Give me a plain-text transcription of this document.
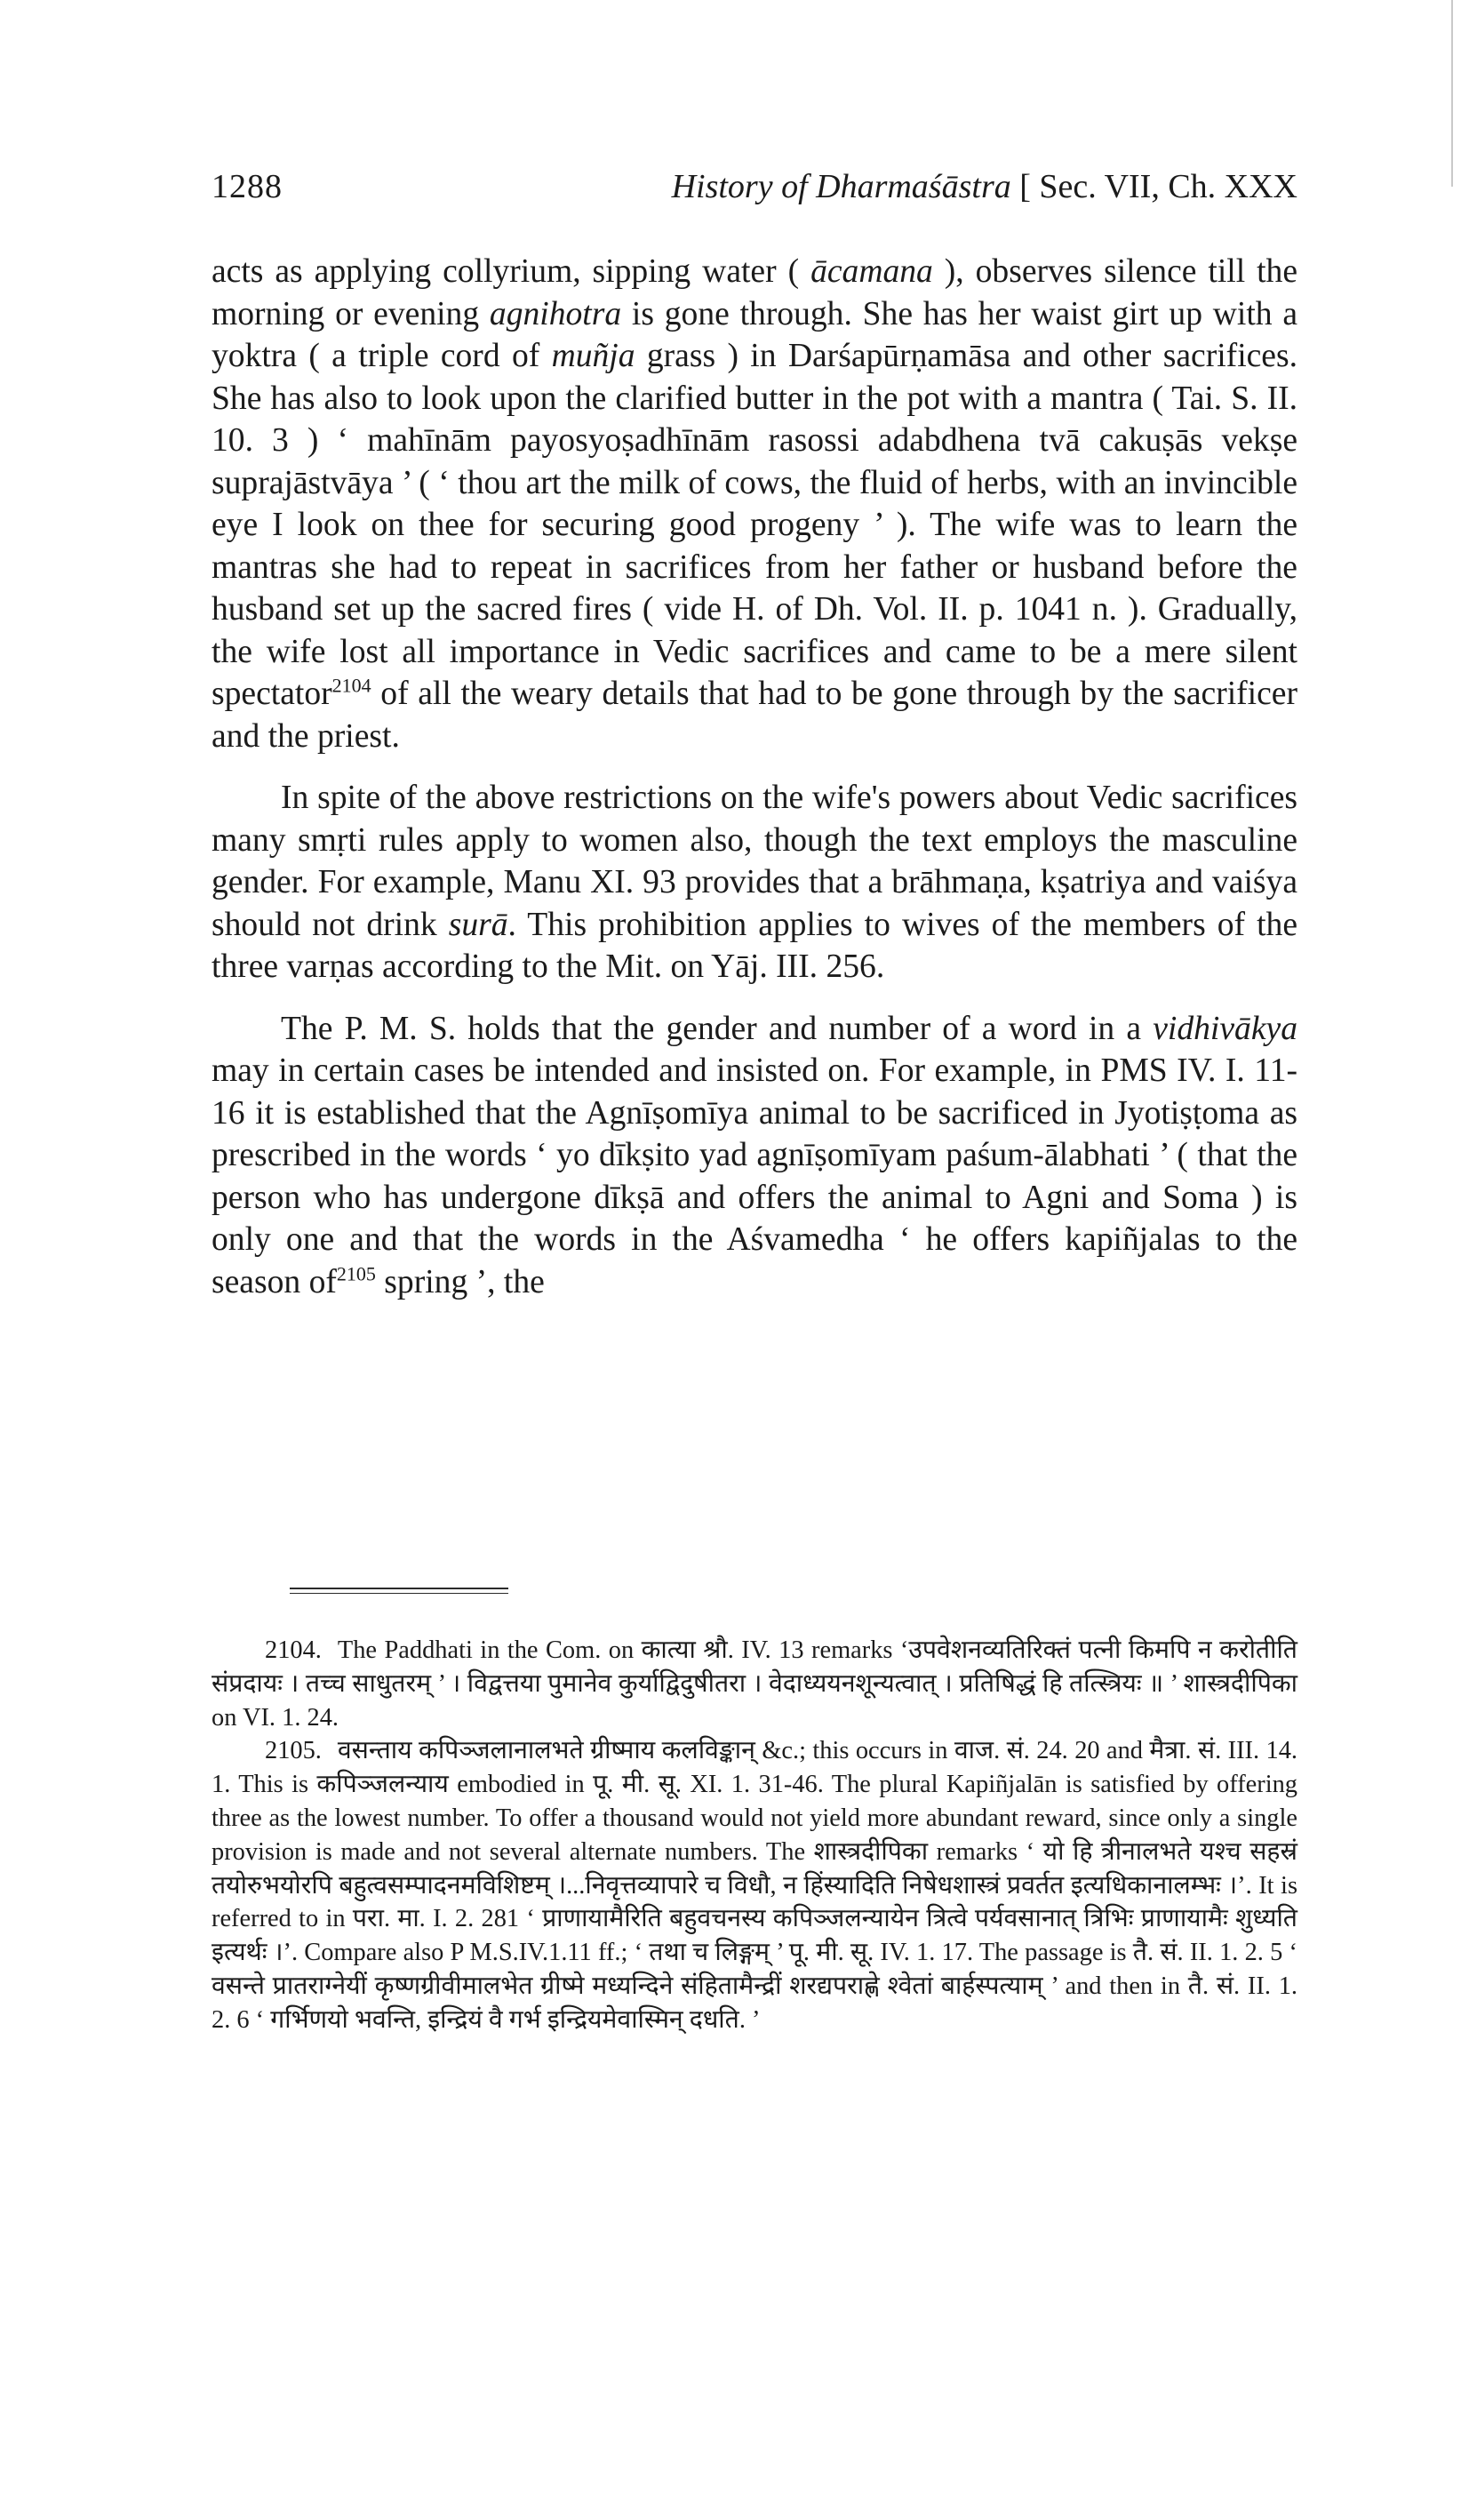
1288	History of Dharmaśāstra [ Sec. VII, Ch. XXX

acts as applying collyrium, sipping water ( ācamana ), observes silence till the morning or evening agnihotra is gone through. She has her waist girt up with a yoktra ( a triple cord of muñja grass ) in Darśapūrṇamāsa and other sacrifices. She has also to look upon the clarified butter in the pot with a mantra ( Tai. S. II. 10. 3 ) ‘ mahīnām payosyoṣadhīnām rasossi adabdhena tvā cakuṣās vekṣe suprajāstvāya ’ ( ‘ thou art the milk of cows, the fluid of herbs, with an invincible eye I look on thee for securing good progeny ’ ). The wife was to learn the mantras she had to repeat in sacrifices from her father or husband before the husband set up the sacred fires ( vide H. of Dh. Vol. II. p. 1041 n. ). Gradually, the wife lost all importance in Vedic sacrifices and came to be a mere silent spectator$^{2104}$ of all the weary details that had to be gone through by the sacrificer and the priest.

In spite of the above restrictions on the wife's powers about Vedic sacrifices many smṛti rules apply to women also, though the text employs the masculine gender. For example, Manu XI. 93 provides that a brāhmaṇa, kṣatriya and vaiśya should not drink surā. This prohibition applies to wives of the members of the three varṇas according to the Mit. on Yāj. III. 256.

The P. M. S. holds that the gender and number of a word in a vidhivākya may in certain cases be intended and insisted on. For example, in PMS IV. I. 11-16 it is established that the Agnīṣomīya animal to be sacrificed in Jyotiṣṭoma as prescribed in the words ‘ yo dīkṣito yad agnīṣomīyam paśum-ālabhati ’ ( that the person who has undergone dīkṣā and offers the animal to Agni and Soma ) is only one and that the words in the Aśvamedha ‘ he offers kapiñjalas to the season $of^{2105}$ spring ’, the

2104. The Paddhati in the Com. on कात्या श्रौ. IV. 13 remarks ‘उपवेशनव्यतिरिक्तं पत्नी किमपि न करोतीति संप्रदायः । तच्च साधुतरम् ’ । विद्वत्तया पुमानेव कुर्याद्विदुषीतरा । वेदाध्ययनशून्यत्वात् । प्रतिषिद्धं हि तत्स्त्रियः ॥ ’ शास्त्रदीपिका on VI. 1. 24.

2105. वसन्ताय कपिञ्जलानालभते ग्रीष्माय कलविङ्कान् &c.; this occurs in वाज. सं. 24. 20 and मैत्रा. सं. III. 14. 1. This is कपिञ्जलन्याय embodied in पू. मी. सू. XI. 1. 31-46. The plural Kapiñjalān is satisfied by offering three as the lowest number. To offer a thousand would not yield more abundant reward, since only a single provision is made and not several alternate numbers. The शास्त्रदीपिका remarks ‘ यो हि त्रीनालभते यश्च सहस्रं तयोरुभयोरपि बहुत्वसम्पादनमविशिष्टम् ।...निवृत्तव्यापारे च विधौ, न हिंस्यादिति निषेधशास्त्रं प्रवर्तत इत्यधिकानालम्भः ।’. It is referred to in परा. मा. I. 2. 281 ‘ प्राणायामैरिति बहुवचनस्य कपिञ्जलन्यायेन त्रित्वे पर्यवसानात् त्रिभिः प्राणायामैः शुध्यति इत्यर्थः ।’. Compare also P M.S.IV.1.11 ff.; ‘ तथा च लिङ्गम् ’ पू. मी. सू. IV. 1. 17. The passage is तै. सं. II. 1. 2. 5 ‘ वसन्ते प्रातराग्नेयीं कृष्णग्रीवीमालभेत ग्रीष्मे मध्यन्दिने संहितामैन्द्रीं शरद्यपराह्णे श्वेतां बार्हस्पत्याम् ’ and then in तै. सं. II. 1. 2. 6 ‘ गर्भिणयो भवन्ति, इन्द्रियं वै गर्भ इन्द्रियमेवास्मिन् दधति. ’
